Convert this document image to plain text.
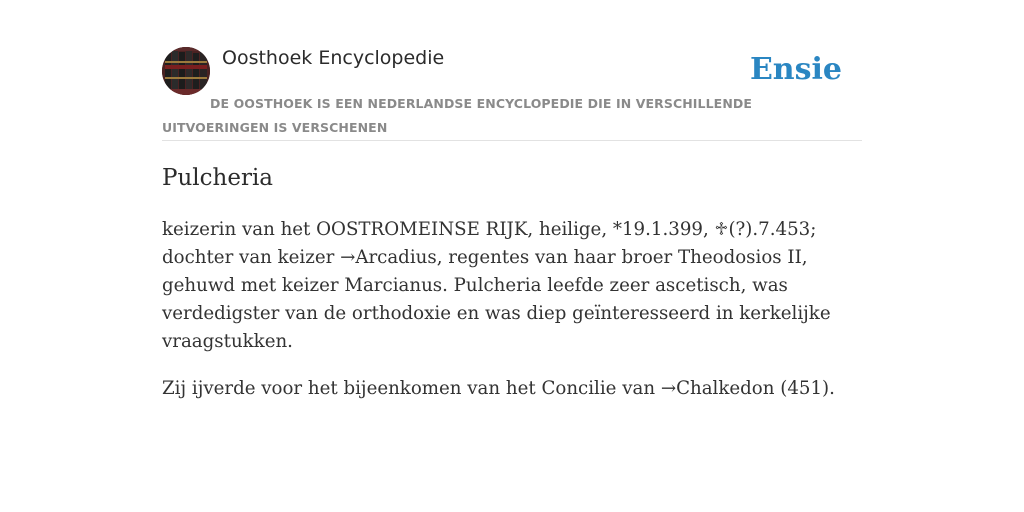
Oosthoek Encyclopedie	Ensie
DE OOSTHOEK IS EEN NEDERLANDSE ENCYCLOPEDIE DIE IN VERSCHILLENDE UITVOERINGEN IS VERSCHENEN
Pulcheria

keizerin van het OOSTROMEINSE RIJK, heilige, *19.1.399, ♱(?).7.453; dochter van keizer →Arcadius, regentes van haar broer Theodosios II, gehuwd met keizer Marcianus. Pulcheria leefde zeer ascetisch, was verdedigster van de orthodoxie en was diep geïnteresseerd in kerkelijke vraagstukken.

Zij ijverde voor het bijeenkomen van het Concilie van →Chalkedon (451).
